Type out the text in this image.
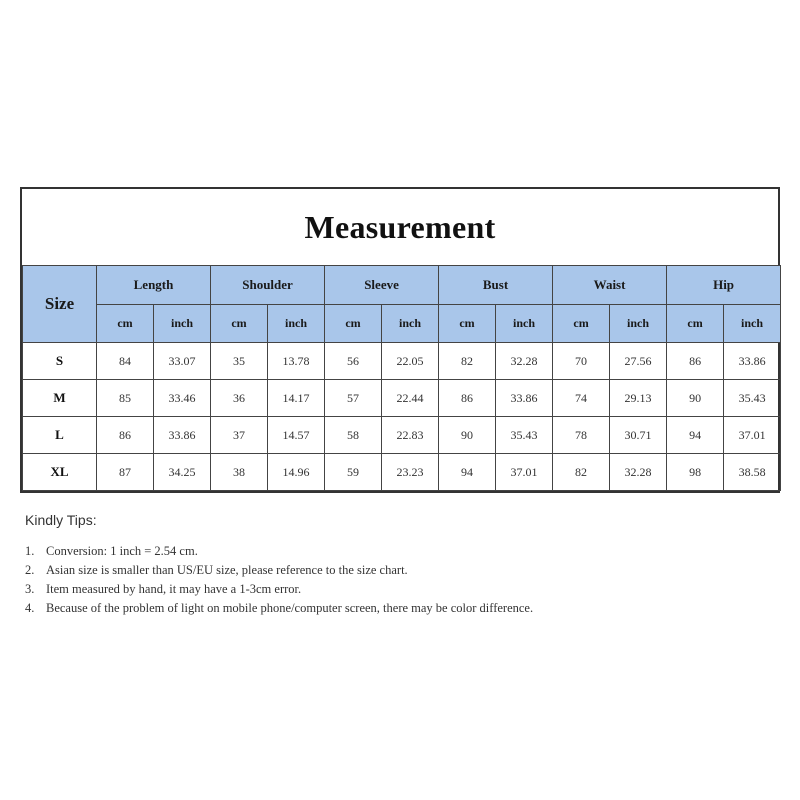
Measurement
Size	Length		Shoulder		Sleeve		Bust		Waist		Hip	
	cm	inch	cm	inch	cm	inch	cm	inch	cm	inch	cm	inch
S	84	33.07	35	13.78	56	22.05	82	32.28	70	27.56	86	33.86
M	85	33.46	36	14.17	57	22.44	86	33.86	74	29.13	90	35.43
L	86	33.86	37	14.57	58	22.83	90	35.43	78	30.71	94	37.01
XL	87	34.25	38	14.96	59	23.23	94	37.01	82	32.28	98	38.58
Kindly Tips:
1. Conversion: 1 inch = 2.54 cm.
2. Asian size is smaller than US/EU size, please reference to the size chart.
3. Item measured by hand, it may have a 1-3cm error.
4. Because of the problem of light on mobile phone/computer screen, there may be color difference.
